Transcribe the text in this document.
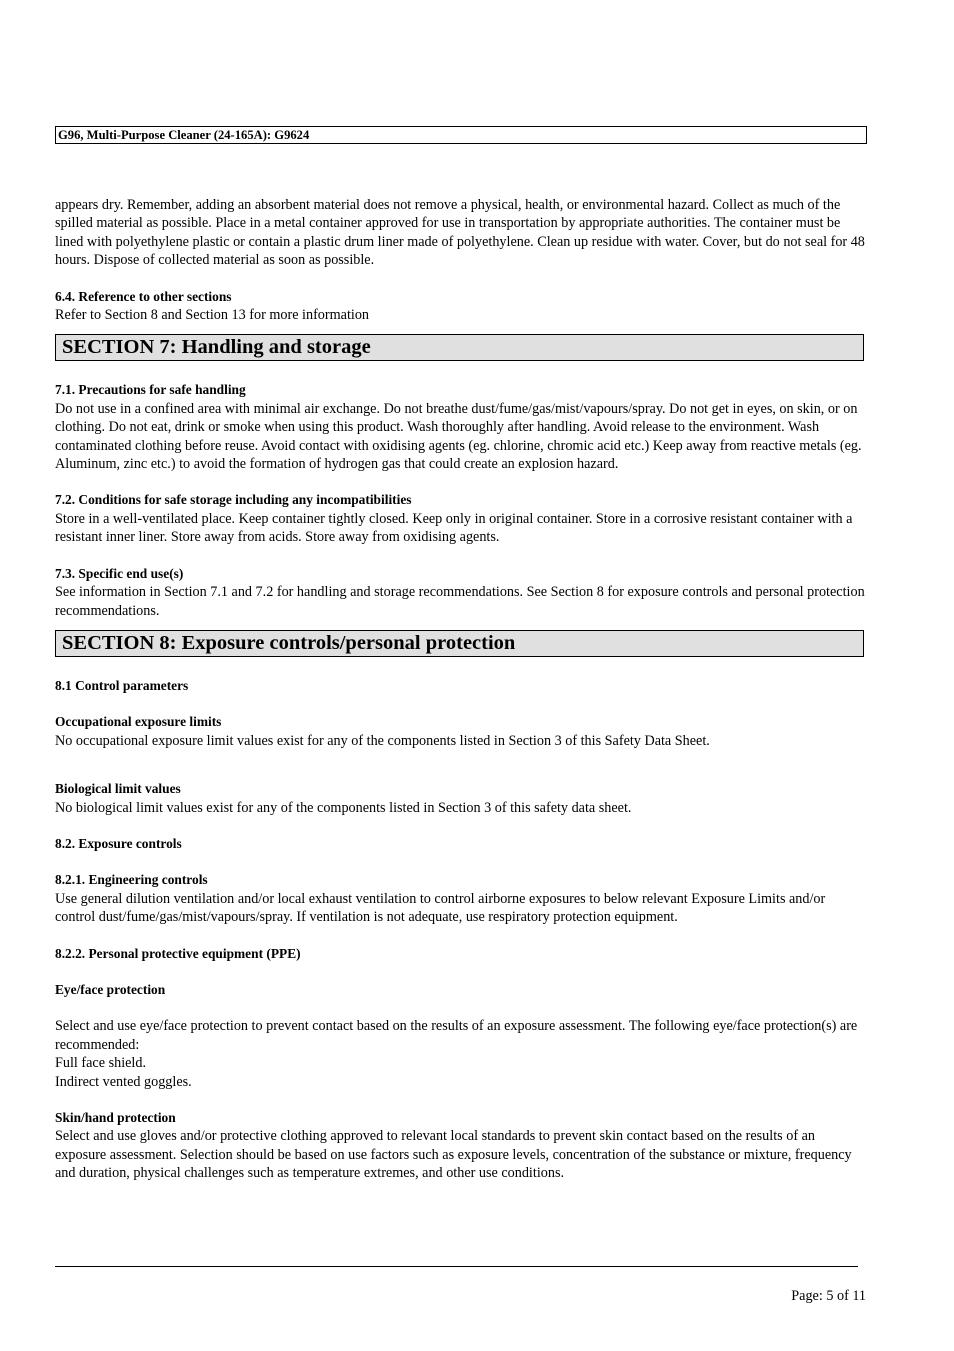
G96, Multi-Purpose Cleaner (24-165A): G9624

appears dry. Remember, adding an absorbent material does not remove a physical, health, or environmental hazard. Collect as much of the spilled material as possible. Place in a metal container approved for use in transportation by appropriate authorities. The container must be lined with polyethylene plastic or contain a plastic drum liner made of polyethylene. Clean up residue with water. Cover, but do not seal for 48 hours. Dispose of collected material as soon as possible.

6.4. Reference to other sections

Refer to Section 8 and Section 13 for more information

SECTION 7: Handling and storage

7.1. Precautions for safe handling

Do not use in a confined area with minimal air exchange. Do not breathe dust/fume/gas/mist/vapours/spray. Do not get in eyes, on skin, or on clothing. Do not eat, drink or smoke when using this product. Wash thoroughly after handling. Avoid release to the environment. Wash contaminated clothing before reuse. Avoid contact with oxidising agents (eg. chlorine, chromic acid etc.) Keep away from reactive metals (eg. Aluminum, zinc etc.) to avoid the formation of hydrogen gas that could create an explosion hazard.

7.2. Conditions for safe storage including any incompatibilities

Store in a well-ventilated place. Keep container tightly closed. Keep only in original container. Store in a corrosive resistant container with a resistant inner liner. Store away from acids. Store away from oxidising agents.

7.3. Specific end use(s)

See information in Section 7.1 and 7.2 for handling and storage recommendations. See Section 8 for exposure controls and personal protection recommendations.

SECTION 8: Exposure controls/personal protection

8.1 Control parameters

Occupational exposure limits

No occupational exposure limit values exist for any of the components listed in Section 3 of this Safety Data Sheet.

Biological limit values

No biological limit values exist for any of the components listed in Section 3 of this safety data sheet.

8.2. Exposure controls

8.2.1. Engineering controls

Use general dilution ventilation and/or local exhaust ventilation to control airborne exposures to below relevant Exposure Limits and/or control dust/fume/gas/mist/vapours/spray. If ventilation is not adequate, use respiratory protection equipment.

8.2.2. Personal protective equipment (PPE)

Eye/face protection

Select and use eye/face protection to prevent contact based on the results of an exposure assessment. The following eye/face protection(s) are recommended:

Full face shield.

Indirect vented goggles.

Skin/hand protection

Select and use gloves and/or protective clothing approved to relevant local standards to prevent skin contact based on the results of an exposure assessment. Selection should be based on use factors such as exposure levels, concentration of the substance or mixture, frequency and duration, physical challenges such as temperature extremes, and other use conditions.

Page: 5 of 11
